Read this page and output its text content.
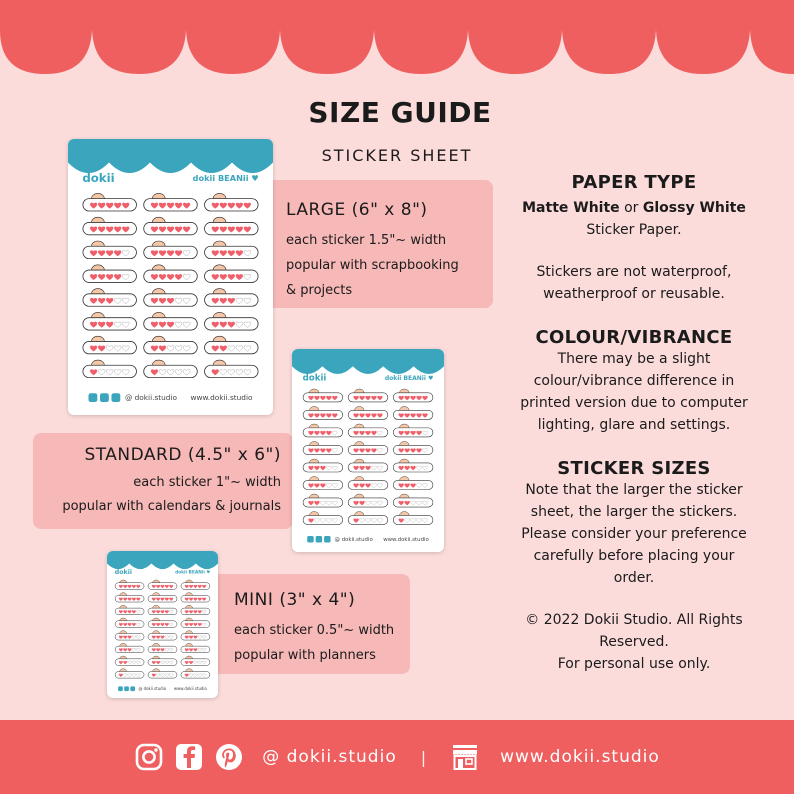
SIZE GUIDE
STICKER SHEET
LARGE (6" x 8")
each sticker 1.5"~ width
popular with scrapbooking
& projects
STANDARD (4.5" x 6")
each sticker 1"~ width
popular with calendars & journals
MINI (3" x 4")
each sticker 0.5"~ width
popular with planners
dokii	dokii BEANii ♥
@ dokii.studio www.dokii.studio
dokii	dokii BEANii ♥
@ dokii.studio www.dokii.studio
dokii	dokii BEANii ♥
@ dokii.studio www.dokii.studio
PAPER TYPE
Matte White or Glossy White
Sticker Paper.
Stickers are not waterproof,
weatherproof or reusable.
COLOUR/VIBRANCE
There may be a slight
colour/vibrance difference in
printed version due to computer
lighting, glare and settings.
STICKER SIZES
Note that the larger the sticker
sheet, the larger the stickers.
Please consider your preference
carefully before placing your
order.
© 2022 Dokii Studio. All Rights
Reserved.
For personal use only.
@ dokii.studio |	www.dokii.studio
